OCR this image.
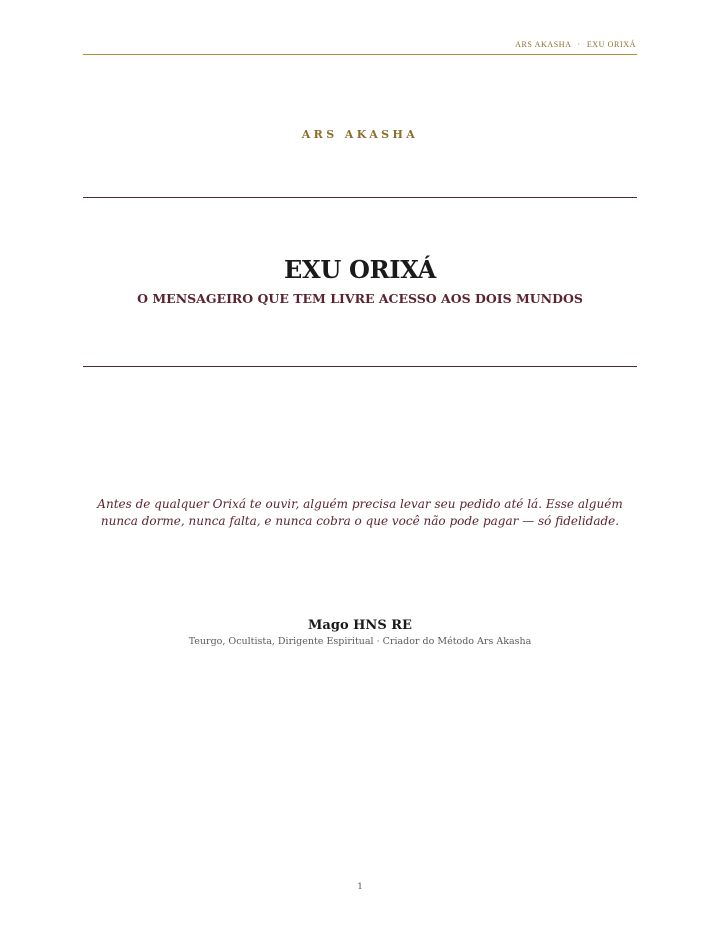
ARS AKASHA · EXU ORIXÁ
ARS AKASHA
EXU ORIXÁ
O MENSAGEIRO QUE TEM LIVRE ACESSO AOS DOIS MUNDOS
Antes de qualquer Orixá te ouvir, alguém precisa levar seu pedido até lá. Esse alguém nunca dorme, nunca falta, e nunca cobra o que você não pode pagar — só fidelidade.
Mago HNS RE
Teurgo, Ocultista, Dirigente Espiritual · Criador do Método Ars Akasha
1
